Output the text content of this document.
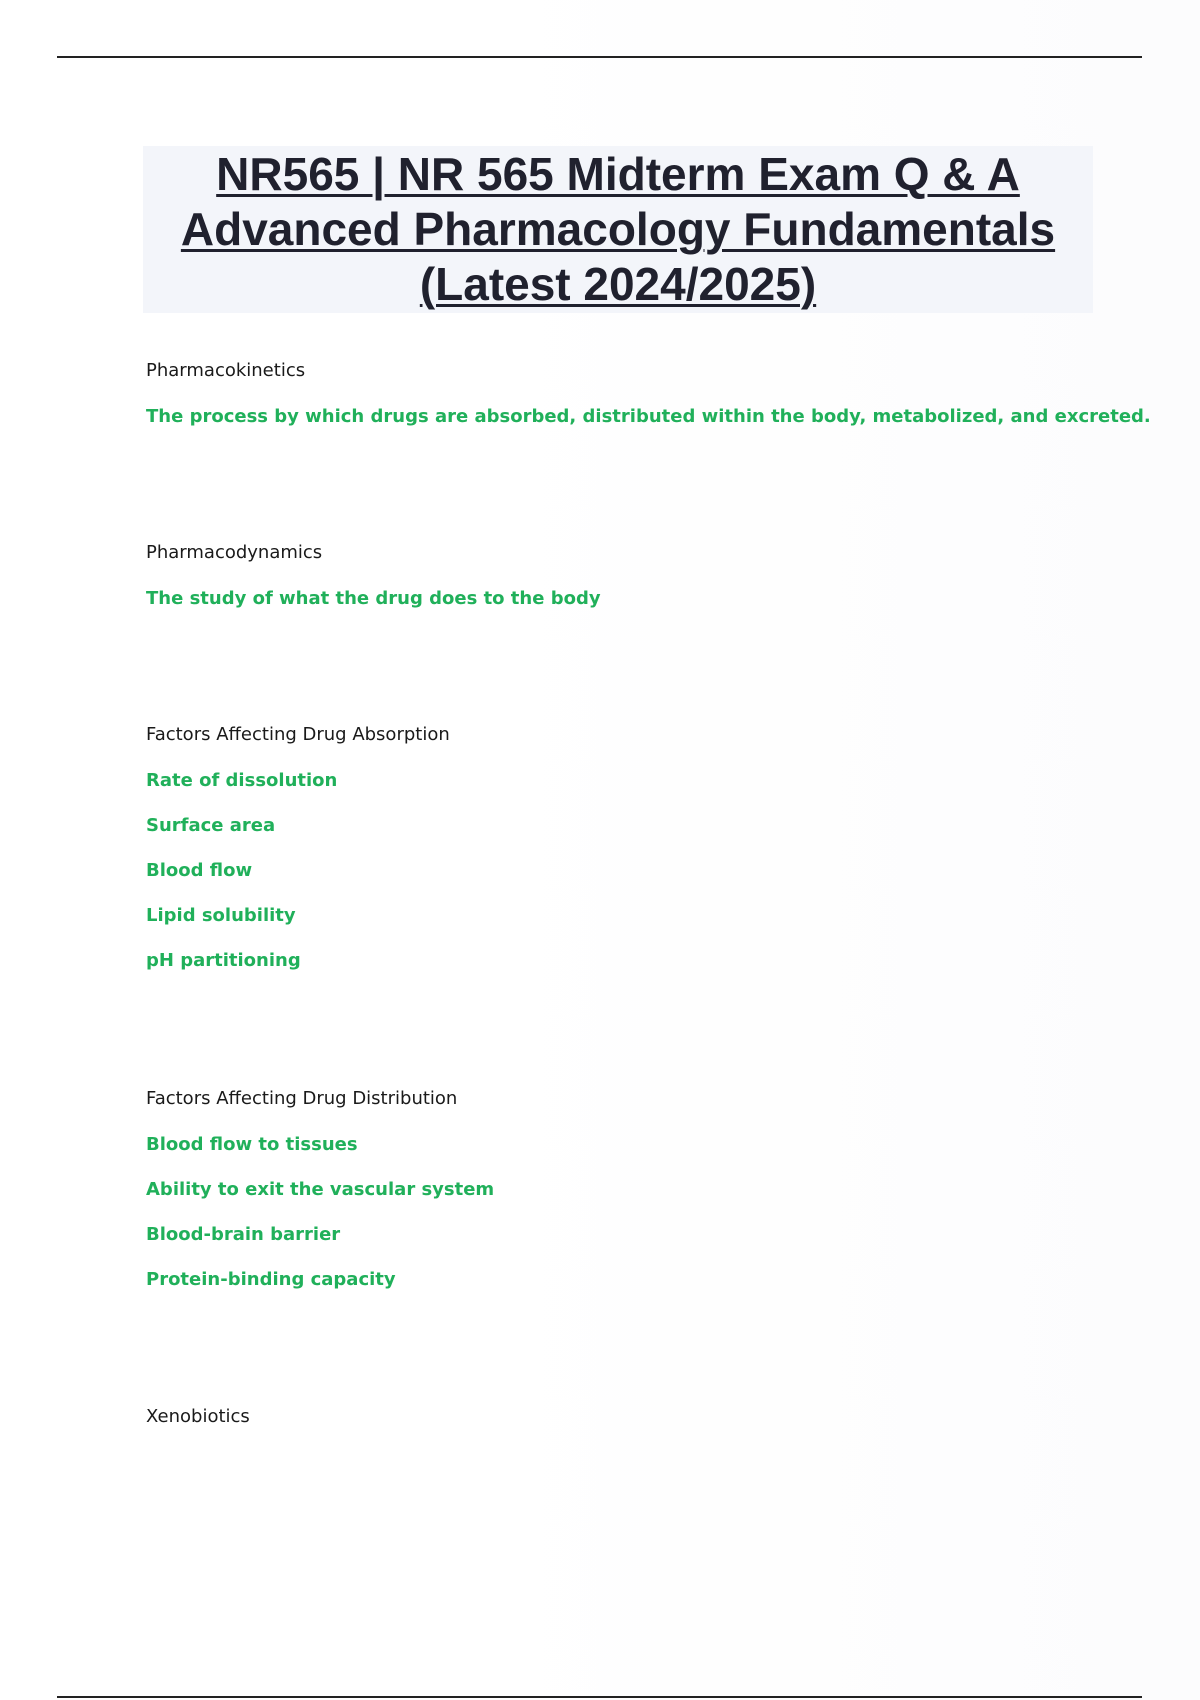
NR565 | NR 565 Midterm Exam Q & A
Advanced Pharmacology Fundamentals
(Latest 2024/2025)
Pharmacokinetics
The process by which drugs are absorbed, distributed within the body, metabolized, and excreted.
Pharmacodynamics
The study of what the drug does to the body
Factors Affecting Drug Absorption
Rate of dissolution
Surface area
Blood flow
Lipid solubility
pH partitioning
Factors Affecting Drug Distribution
Blood flow to tissues
Ability to exit the vascular system
Blood-brain barrier
Protein-binding capacity
Xenobiotics
